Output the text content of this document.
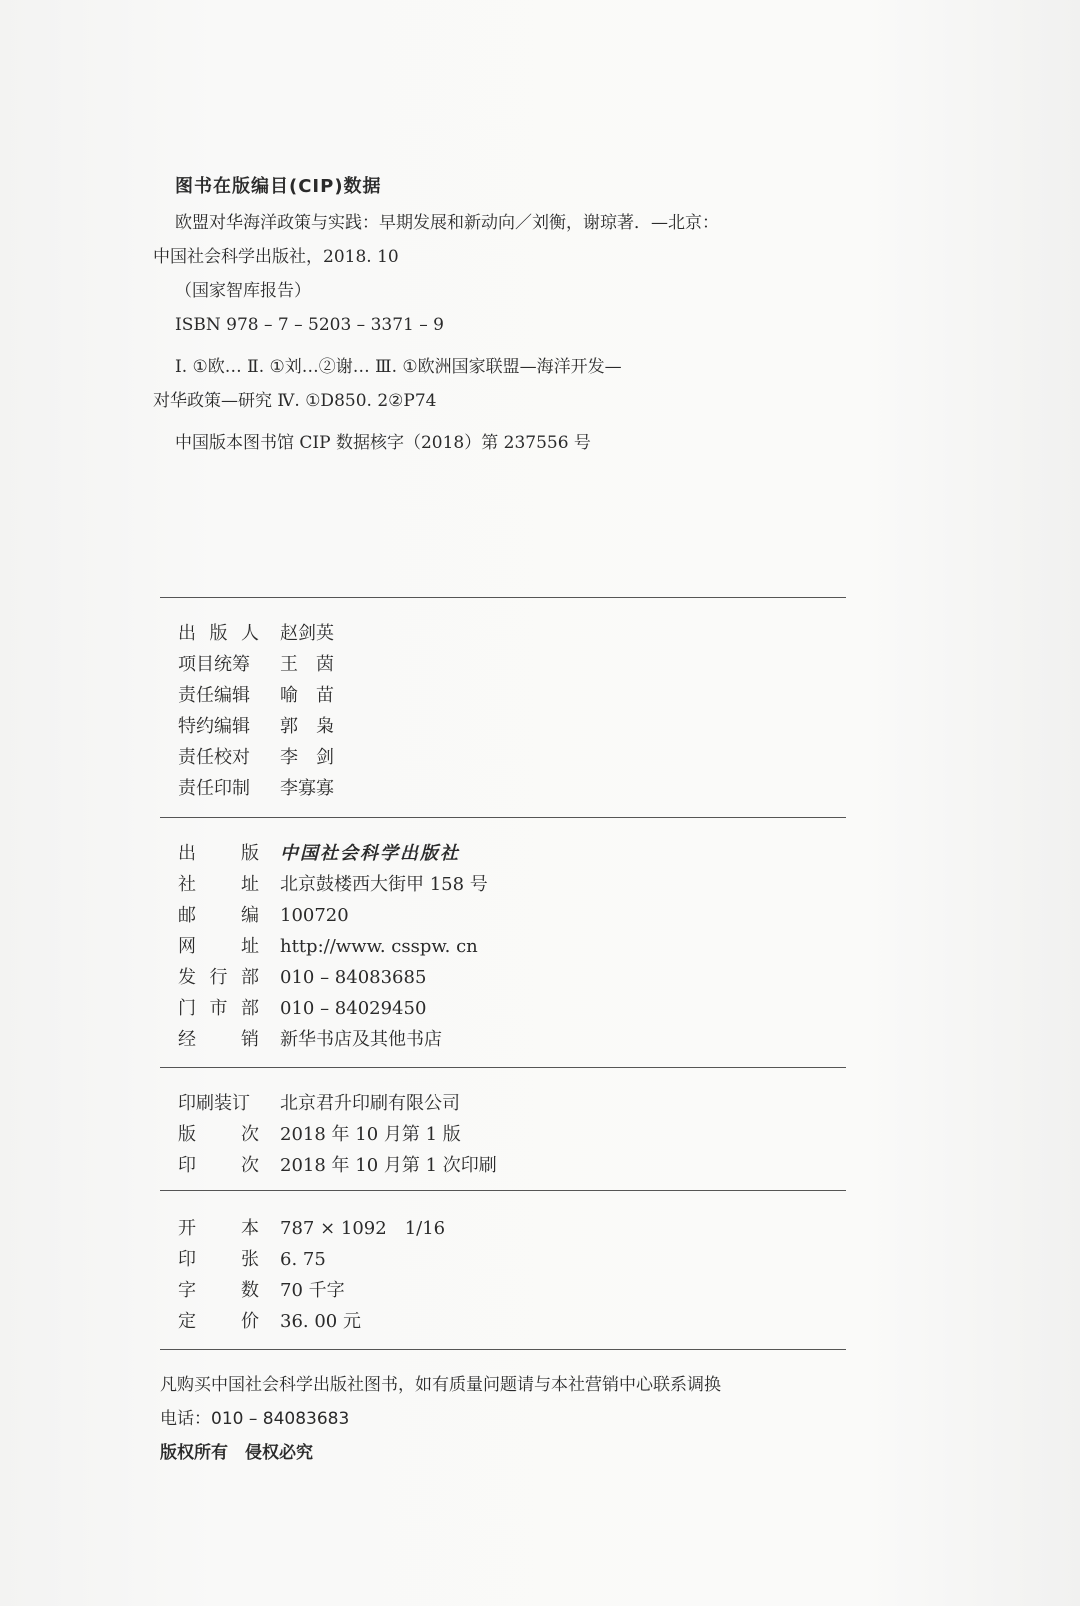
图书在版编目(CIP)数据
欧盟对华海洋政策与实践：早期发展和新动向／刘衡，谢琼著．—北京：
中国社会科学出版社，2018. 10
（国家智库报告）
ISBN 978 – 7 – 5203 – 3371 – 9
Ⅰ. ①欧… Ⅱ. ①刘…②谢… Ⅲ. ①欧洲国家联盟—海洋开发—
对华政策—研究 Ⅳ. ①D850. 2②P74
中国版本图书馆 CIP 数据核字（2018）第 237556 号
出 版 人	赵剑英
项目统筹	王　茵
责任编辑	喻　苗
特约编辑	郭　枭
责任校对	李　剑
责任印制	李寡寡
出	版	中国社会科学出版社
社	址	北京鼓楼西大街甲 158 号
邮	编	100720
网	址	http://www. csspw. cn
发 行 部	010 – 84083685
门 市 部	010 – 84029450
经	销	新华书店及其他书店
印刷装订	北京君升印刷有限公司
版	次	2018 年 10 月第 1 版
印	次	2018 年 10 月第 1 次印刷
开	本	787 × 1092　1/16
印	张	6. 75
字	数	70 千字
定	价	36. 00 元
凡购买中国社会科学出版社图书，如有质量问题请与本社营销中心联系调换
电话：010 – 84083683
版权所有　侵权必究
